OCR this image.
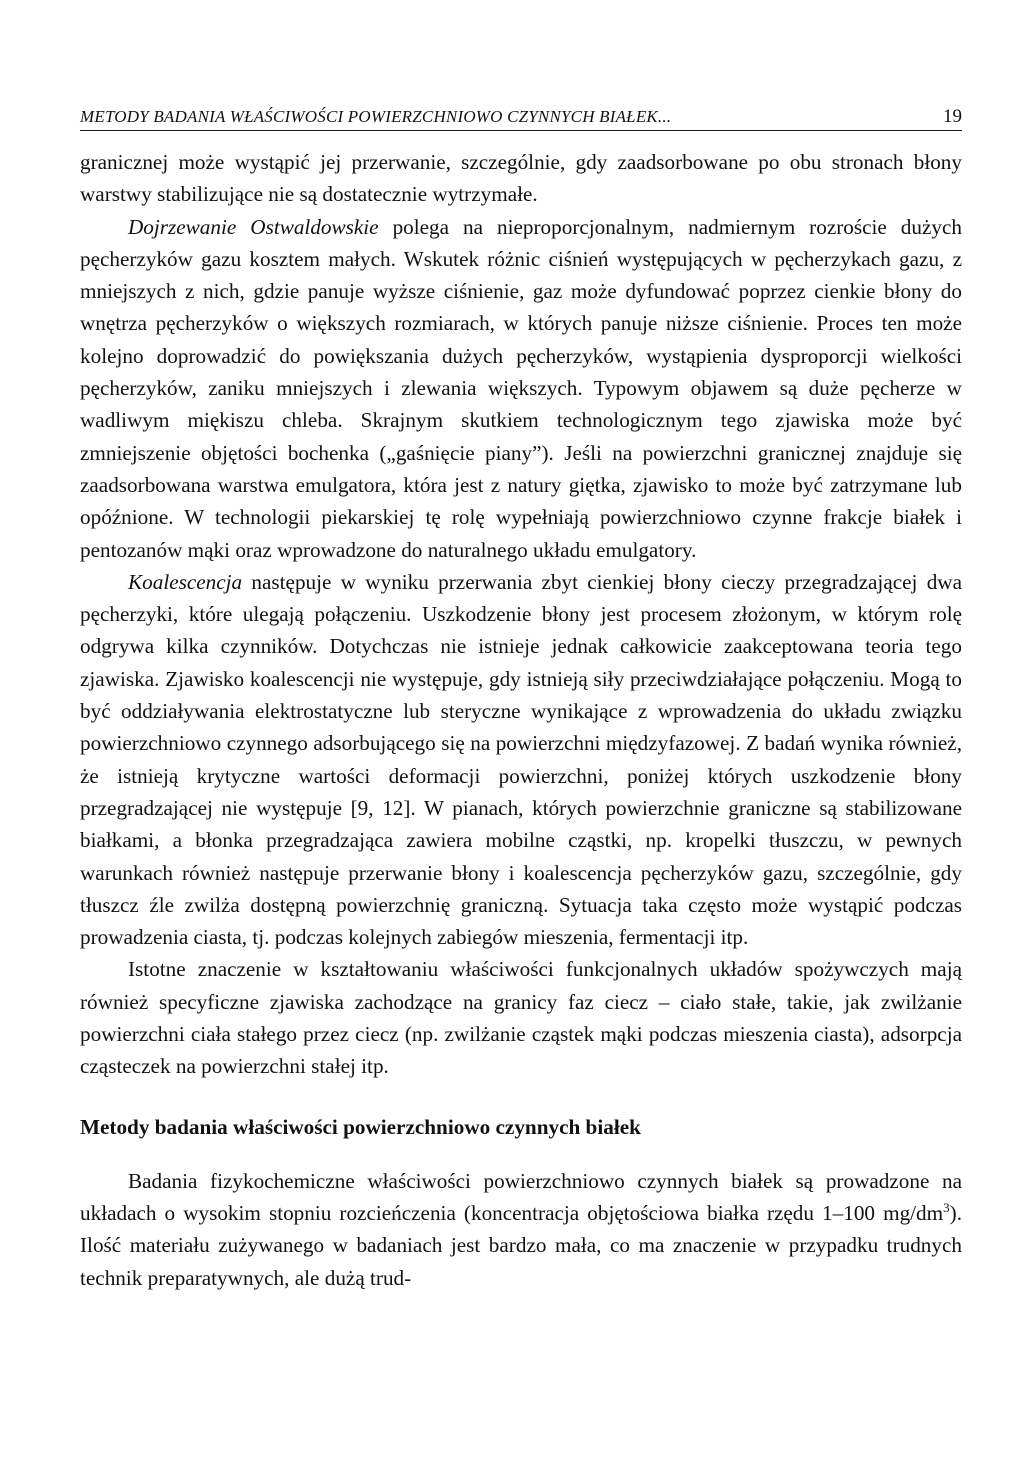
METODY BADANIA WŁAŚCIWOŚCI POWIERZCHNIOWO CZYNNYCH BIAŁEK...	19

granicznej może wystąpić jej przerwanie, szczególnie, gdy zaadsorbowane po obu stronach błony warstwy stabilizujące nie są dostatecznie wytrzymałe.

Dojrzewanie Ostwaldowskie polega na nieproporcjonalnym, nadmiernym rozroście dużych pęcherzyków gazu kosztem małych. Wskutek różnic ciśnień występujących w pęcherzykach gazu, z mniejszych z nich, gdzie panuje wyższe ciśnienie, gaz może dyfundować poprzez cienkie błony do wnętrza pęcherzyków o większych rozmiarach, w których panuje niższe ciśnienie. Proces ten może kolejno doprowadzić do powiększania dużych pęcherzyków, wystąpienia dysproporcji wielkości pęcherzyków, zaniku mniejszych i zlewania większych. Typowym objawem są duże pęcherze w wadliwym miękiszu chleba. Skrajnym skutkiem technologicznym tego zjawiska może być zmniejszenie objętości bochenka („gaśnięcie piany”). Jeśli na powierzchni granicznej znajduje się zaadsorbowana warstwa emulgatora, która jest z natury giętka, zjawisko to może być zatrzymane lub opóźnione. W technologii piekarskiej tę rolę wypełniają powierzchniowo czynne frakcje białek i pentozanów mąki oraz wprowadzone do naturalnego układu emulgatory.

Koalescencja następuje w wyniku przerwania zbyt cienkiej błony cieczy przegradzającej dwa pęcherzyki, które ulegają połączeniu. Uszkodzenie błony jest procesem złożonym, w którym rolę odgrywa kilka czynników. Dotychczas nie istnieje jednak całkowicie zaakceptowana teoria tego zjawiska. Zjawisko koalescencji nie występuje, gdy istnieją siły przeciwdziałające połączeniu. Mogą to być oddziaływania elektrostatyczne lub steryczne wynikające z wprowadzenia do układu związku powierzchniowo czynnego adsorbującego się na powierzchni międzyfazowej. Z badań wynika również, że istnieją krytyczne wartości deformacji powierzchni, poniżej których uszkodzenie błony przegradzającej nie występuje [9, 12]. W pianach, których powierzchnie graniczne są stabilizowane białkami, a błonka przegradzająca zawiera mobilne cząstki, np. kropelki tłuszczu, w pewnych warunkach również następuje przerwanie błony i koalescencja pęcherzyków gazu, szczególnie, gdy tłuszcz źle zwilża dostępną powierzchnię graniczną. Sytuacja taka często może wystąpić podczas prowadzenia ciasta, tj. podczas kolejnych zabiegów mieszenia, fermentacji itp.

Istotne znaczenie w kształtowaniu właściwości funkcjonalnych układów spożywczych mają również specyficzne zjawiska zachodzące na granicy faz ciecz – ciało stałe, takie, jak zwilżanie powierzchni ciała stałego przez ciecz (np. zwilżanie cząstek mąki podczas mieszenia ciasta), adsorpcja cząsteczek na powierzchni stałej itp.

Metody badania właściwości powierzchniowo czynnych białek

Badania fizykochemiczne właściwości powierzchniowo czynnych białek są prowadzone na układach o wysokim stopniu rozcieńczenia (koncentracja objętościowa białka rzędu 1–100 $mg/dm^3$). Ilość materiału zużywanego w badaniach jest bardzo mała, co ma znaczenie w przypadku trudnych technik preparatywnych, ale dużą trud-
